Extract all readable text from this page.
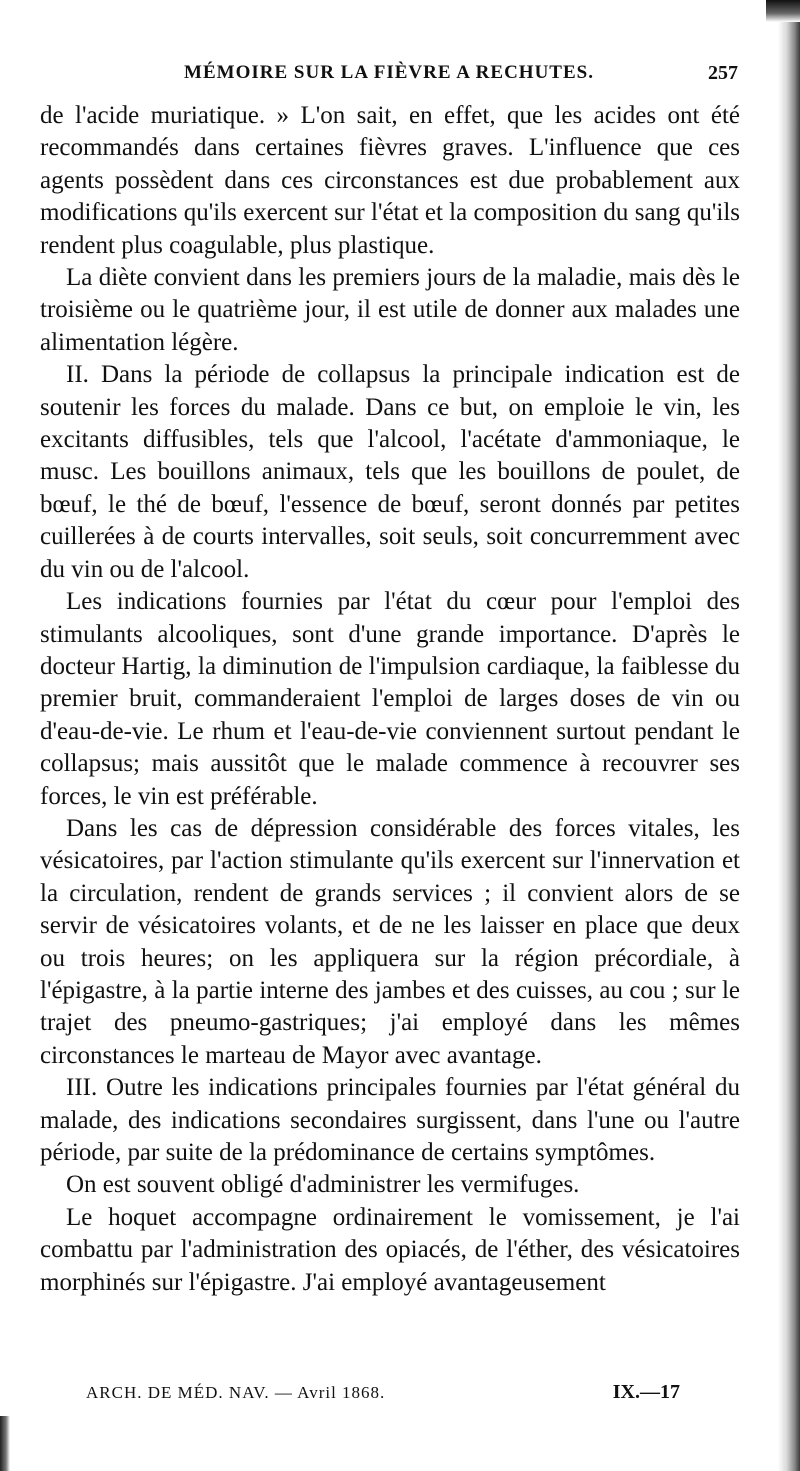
MÉMOIRE SUR LA FIÈVRE A RECHUTES.	257

de l'acide muriatique. » L'on sait, en effet, que les acides ont été recommandés dans certaines fièvres graves. L'influence que ces agents possèdent dans ces circonstances est due probablement aux modifications qu'ils exercent sur l'état et la composition du sang qu'ils rendent plus coagulable, plus plastique.

La diète convient dans les premiers jours de la maladie, mais dès le troisième ou le quatrième jour, il est utile de donner aux malades une alimentation légère.

II. Dans la période de collapsus la principale indication est de soutenir les forces du malade. Dans ce but, on emploie le vin, les excitants diffusibles, tels que l'alcool, l'acétate d'ammoniaque, le musc. Les bouillons animaux, tels que les bouillons de poulet, de bœuf, le thé de bœuf, l'essence de bœuf, seront donnés par petites cuillerées à de courts intervalles, soit seuls, soit concurremment avec du vin ou de l'alcool.

Les indications fournies par l'état du cœur pour l'emploi des stimulants alcooliques, sont d'une grande importance. D'après le docteur Hartig, la diminution de l'impulsion cardiaque, la faiblesse du premier bruit, commanderaient l'emploi de larges doses de vin ou d'eau-de-vie. Le rhum et l'eau-de-vie conviennent surtout pendant le collapsus; mais aussitôt que le malade commence à recouvrer ses forces, le vin est préférable.

Dans les cas de dépression considérable des forces vitales, les vésicatoires, par l'action stimulante qu'ils exercent sur l'innervation et la circulation, rendent de grands services ; il convient alors de se servir de vésicatoires volants, et de ne les laisser en place que deux ou trois heures; on les appliquera sur la région précordiale, à l'épigastre, à la partie interne des jambes et des cuisses, au cou ; sur le trajet des pneumo-gastriques; j'ai employé dans les mêmes circonstances le marteau de Mayor avec avantage.

III. Outre les indications principales fournies par l'état général du malade, des indications secondaires surgissent, dans l'une ou l'autre période, par suite de la prédominance de certains symptômes.

On est souvent obligé d'administrer les vermifuges.

Le hoquet accompagne ordinairement le vomissement, je l'ai combattu par l'administration des opiacés, de l'éther, des vésicatoires morphinés sur l'épigastre. J'ai employé avantageusement

ARCH. DE MÉD. NAV. — Avril 1868.	IX.—17
